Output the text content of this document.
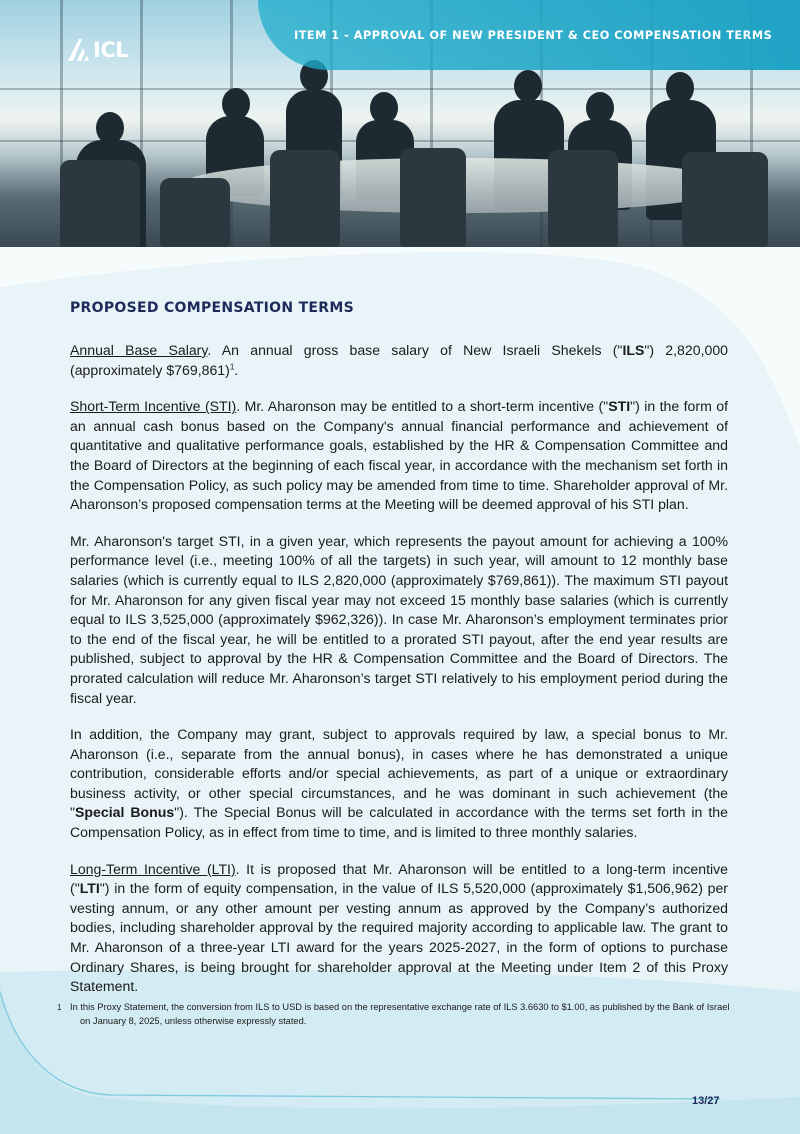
ITEM 1 - APPROVAL OF NEW PRESIDENT & CEO COMPENSATION TERMS
ICL
PROPOSED COMPENSATION TERMS

Annual Base Salary. An annual gross base salary of New Israeli Shekels ("ILS") 2,820,000 (approximately $769,861)$^1$.

Short-Term Incentive (STI). Mr. Aharonson may be entitled to a short-term incentive ("STI") in the form of an annual cash bonus based on the Company's annual financial performance and achievement of quantitative and qualitative performance goals, established by the HR & Compensation Committee and the Board of Directors at the beginning of each fiscal year, in accordance with the mechanism set forth in the Compensation Policy, as such policy may be amended from time to time. Shareholder approval of Mr. Aharonson’s proposed compensation terms at the Meeting will be deemed approval of his STI plan.

Mr. Aharonson's target STI, in a given year, which represents the payout amount for achieving a 100% performance level (i.e., meeting 100% of all the targets) in such year, will amount to 12 monthly base salaries (which is currently equal to ILS 2,820,000 (approximately $769,861)). The maximum STI payout for Mr. Aharonson for any given fiscal year may not exceed 15 monthly base salaries (which is currently equal to ILS 3,525,000 (approximately $962,326)). In case Mr. Aharonson’s employment terminates prior to the end of the fiscal year, he will be entitled to a prorated STI payout, after the end year results are published, subject to approval by the HR & Compensation Committee and the Board of Directors. The prorated calculation will reduce Mr. Aharonson’s target STI relatively to his employment period during the fiscal year.

In addition, the Company may grant, subject to approvals required by law, a special bonus to Mr. Aharonson (i.e., separate from the annual bonus), in cases where he has demonstrated a unique contribution, considerable efforts and/or special achievements, as part of a unique or extraordinary business activity, or other special circumstances, and he was dominant in such achievement (the "Special Bonus"). The Special Bonus will be calculated in accordance with the terms set forth in the Compensation Policy, as in effect from time to time, and is limited to three monthly salaries.

Long-Term Incentive (LTI). It is proposed that Mr. Aharonson will be entitled to a long-term incentive ("LTI") in the form of equity compensation, in the value of ILS 5,520,000 (approximately $1,506,962) per vesting annum, or any other amount per vesting annum as approved by the Company’s authorized bodies, including shareholder approval by the required majority according to applicable law. The grant to Mr. Aharonson of a three-year LTI award for the years 2025-2027, in the form of options to purchase Ordinary Shares, is being brought for shareholder approval at the Meeting under Item 2 of this Proxy Statement.

1 In this Proxy Statement, the conversion from ILS to USD is based on the representative exchange rate of ILS 3.6630 to $1.00, as published by the Bank of Israel on January 8, 2025, unless otherwise expressly stated.
13/27
